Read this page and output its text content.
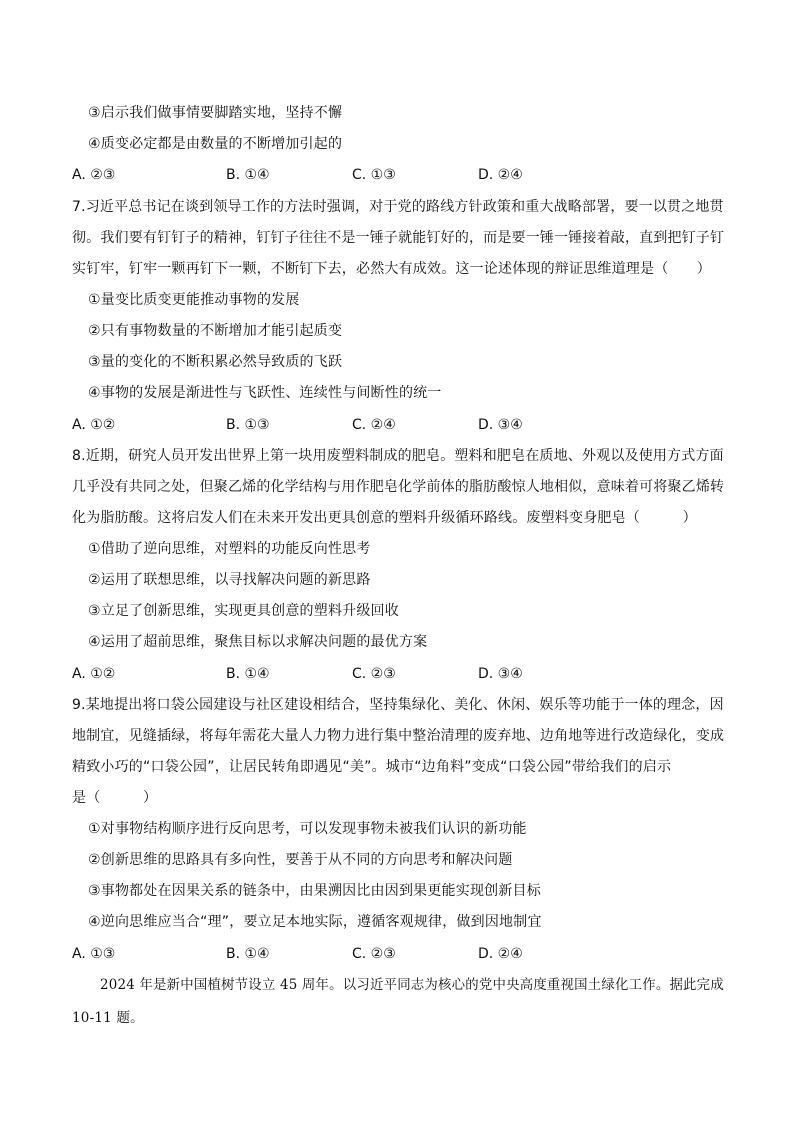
③启示我们做事情要脚踏实地，坚持不懈
④质变必定都是由数量的不断增加引起的
A. ②③	B. ①④	C. ①③	D. ②④
7.习近平总书记在谈到领导工作的方法时强调，对于党的路线方针政策和重大战略部署，要一以贯之地贯
彻。我们要有钉钉子的精神，钉钉子往往不是一锤子就能钉好的，而是要一锤一锤接着敲，直到把钉子钉
实钉牢，钉牢一颗再钉下一颗，不断钉下去，必然大有成效。这一论述体现的辩证思维道理是（　　）
①量变比质变更能推动事物的发展
②只有事物数量的不断增加才能引起质变
③量的变化的不断积累必然导致质的飞跃
④事物的发展是渐进性与飞跃性、连续性与间断性的统一
A. ①②	B. ①③	C. ②④	D. ③④
8.近期，研究人员开发出世界上第一块用废塑料制成的肥皂。塑料和肥皂在质地、外观以及使用方式方面
几乎没有共同之处，但聚乙烯的化学结构与用作肥皂化学前体的脂肪酸惊人地相似，意味着可将聚乙烯转
化为脂肪酸。这将启发人们在未来开发出更具创意的塑料升级循环路线。废塑料变身肥皂（　　　）
①借助了逆向思维，对塑料的功能反向性思考
②运用了联想思维，以寻找解决问题的新思路
③立足了创新思维，实现更具创意的塑料升级回收
④运用了超前思维，聚焦目标以求解决问题的最优方案
A. ①②	B. ①④	C. ②③	D. ③④
9.某地提出将口袋公园建设与社区建设相结合，坚持集绿化、美化、休闲、娱乐等功能于一体的理念，因
地制宜，见缝插绿，将每年需花大量人力物力进行集中整治清理的废弃地、边角地等进行改造绿化，变成
精致小巧的“口袋公园”，让居民转角即遇见“美”。城市“边角料”变成“口袋公园”带给我们的启示
是（　　　）
①对事物结构顺序进行反向思考，可以发现事物未被我们认识的新功能
②创新思维的思路具有多向性，要善于从不同的方向思考和解决问题
③事物都处在因果关系的链条中，由果溯因比由因到果更能实现创新目标
④逆向思维应当合“理”，要立足本地实际，遵循客观规律，做到因地制宜
A. ①③	B. ①④	C. ②③	D. ②④
2024 年是新中国植树节设立 45 周年。以习近平同志为核心的党中央高度重视国土绿化工作。据此完成
10-11 题。
